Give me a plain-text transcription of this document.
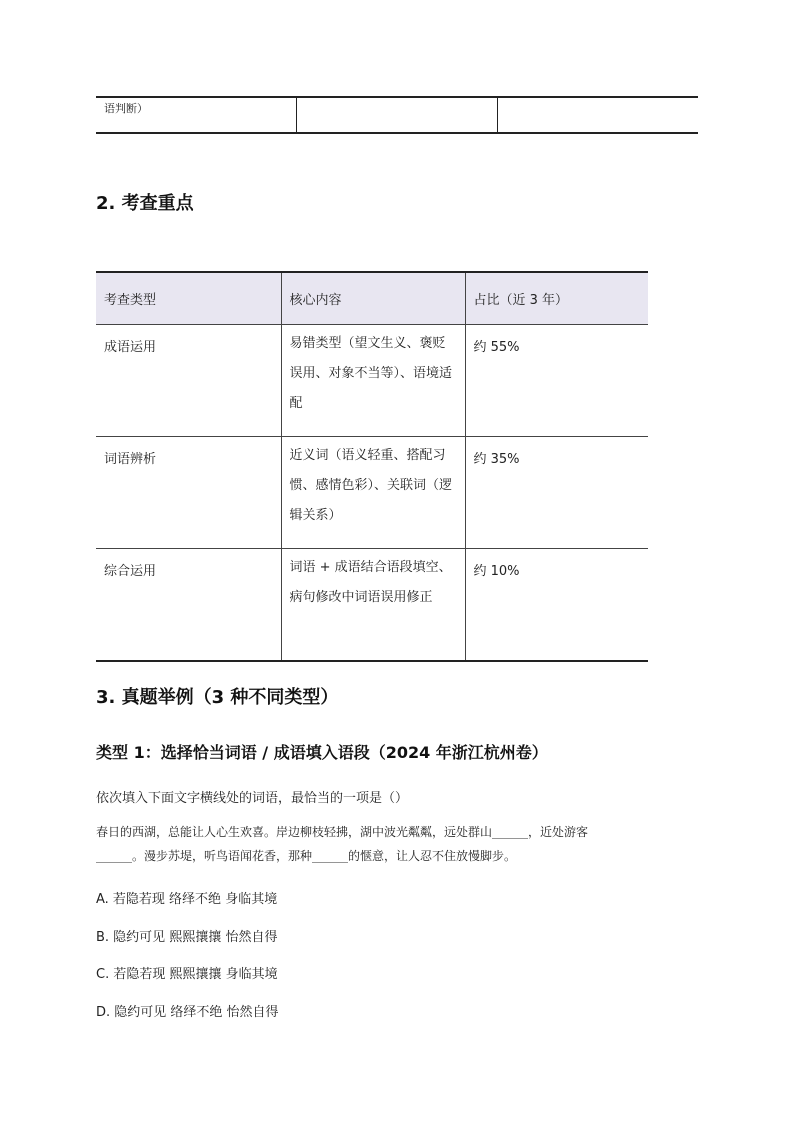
语判断）
2. 考查重点
考查类型	核心内容	占比（近 3 年）
成语运用	易错类型（望文生义、褒贬误用、对象不当等）、语境适配	约 55%
词语辨析	近义词（语义轻重、搭配习惯、感情色彩）、关联词（逻辑关系）	约 35%
综合运用	词语 + 成语结合语段填空、病句修改中词语误用修正	约 10%
3. 真题举例（3 种不同类型）
类型 1：选择恰当词语 / 成语填入语段（2024 年浙江杭州卷）

依次填入下面文字横线处的词语，最恰当的一项是（）

春日的西湖，总能让人心生欢喜。岸边柳枝轻拂，湖中波光粼粼，远处群山______，近处游客
______。漫步苏堤，听鸟语闻花香，那种______的惬意，让人忍不住放慢脚步。

A. 若隐若现 络绎不绝 身临其境

B. 隐约可见 熙熙攘攘 怡然自得

C. 若隐若现 熙熙攘攘 身临其境

D. 隐约可见 络绎不绝 怡然自得
